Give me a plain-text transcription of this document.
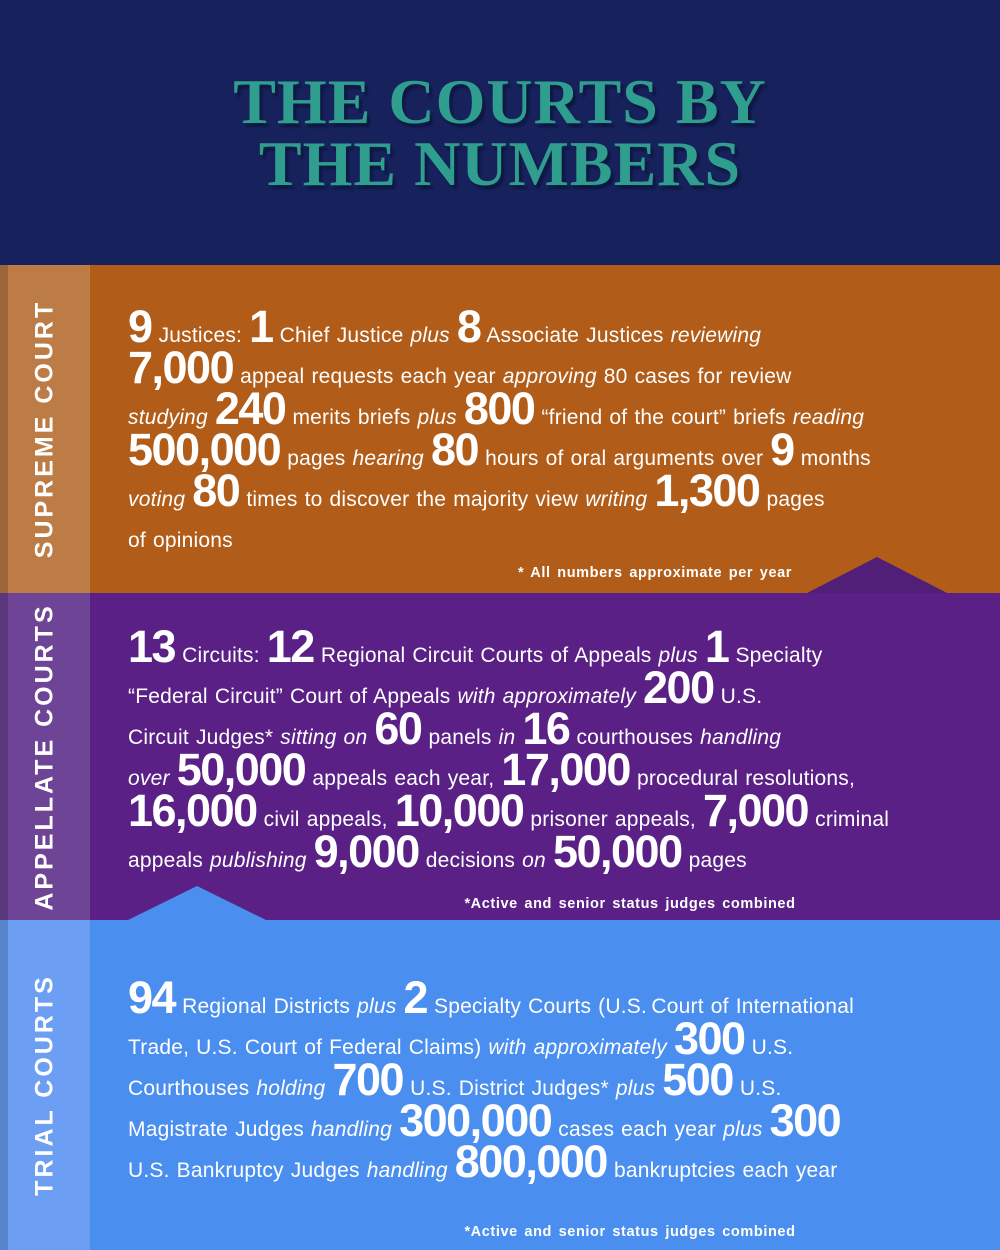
THE COURTS BY
THE NUMBERS
SUPREME COURT 9 Justices: 1 Chief Justice plus 8 Associate Justices reviewing
7,000 appeal requests each year approving 80 cases for review
studying 240 merits briefs plus 800 “friend of the court” briefs reading
500,000 pages hearing 80 hours of oral arguments over 9 months
voting 80 times to discover the majority view writing 1,300 pages
of opinions
* All numbers approximate per year
APPELLATE COURTS 13 Circuits: 12 Regional Circuit Courts of Appeals plus 1 Specialty
“Federal Circuit” Court of Appeals with approximately 200 U.S.
Circuit Judges* sitting on 60 panels in 16 courthouses handling
over 50,000 appeals each year, 17,000 procedural resolutions,
16,000 civil appeals, 10,000 prisoner appeals, 7,000 criminal
appeals publishing 9,000 decisions on 50,000 pages
*Active and senior status judges combined
TRIAL COURTS 94 Regional Districts plus 2 Specialty Courts (U.S. Court of International
Trade, U.S. Court of Federal Claims) with approximately 300 U.S.
Courthouses holding 700 U.S. District Judges* plus 500 U.S.
Magistrate Judges handling 300,000 cases each year plus 300
U.S. Bankruptcy Judges handling 800,000 bankruptcies each year
*Active and senior status judges combined
